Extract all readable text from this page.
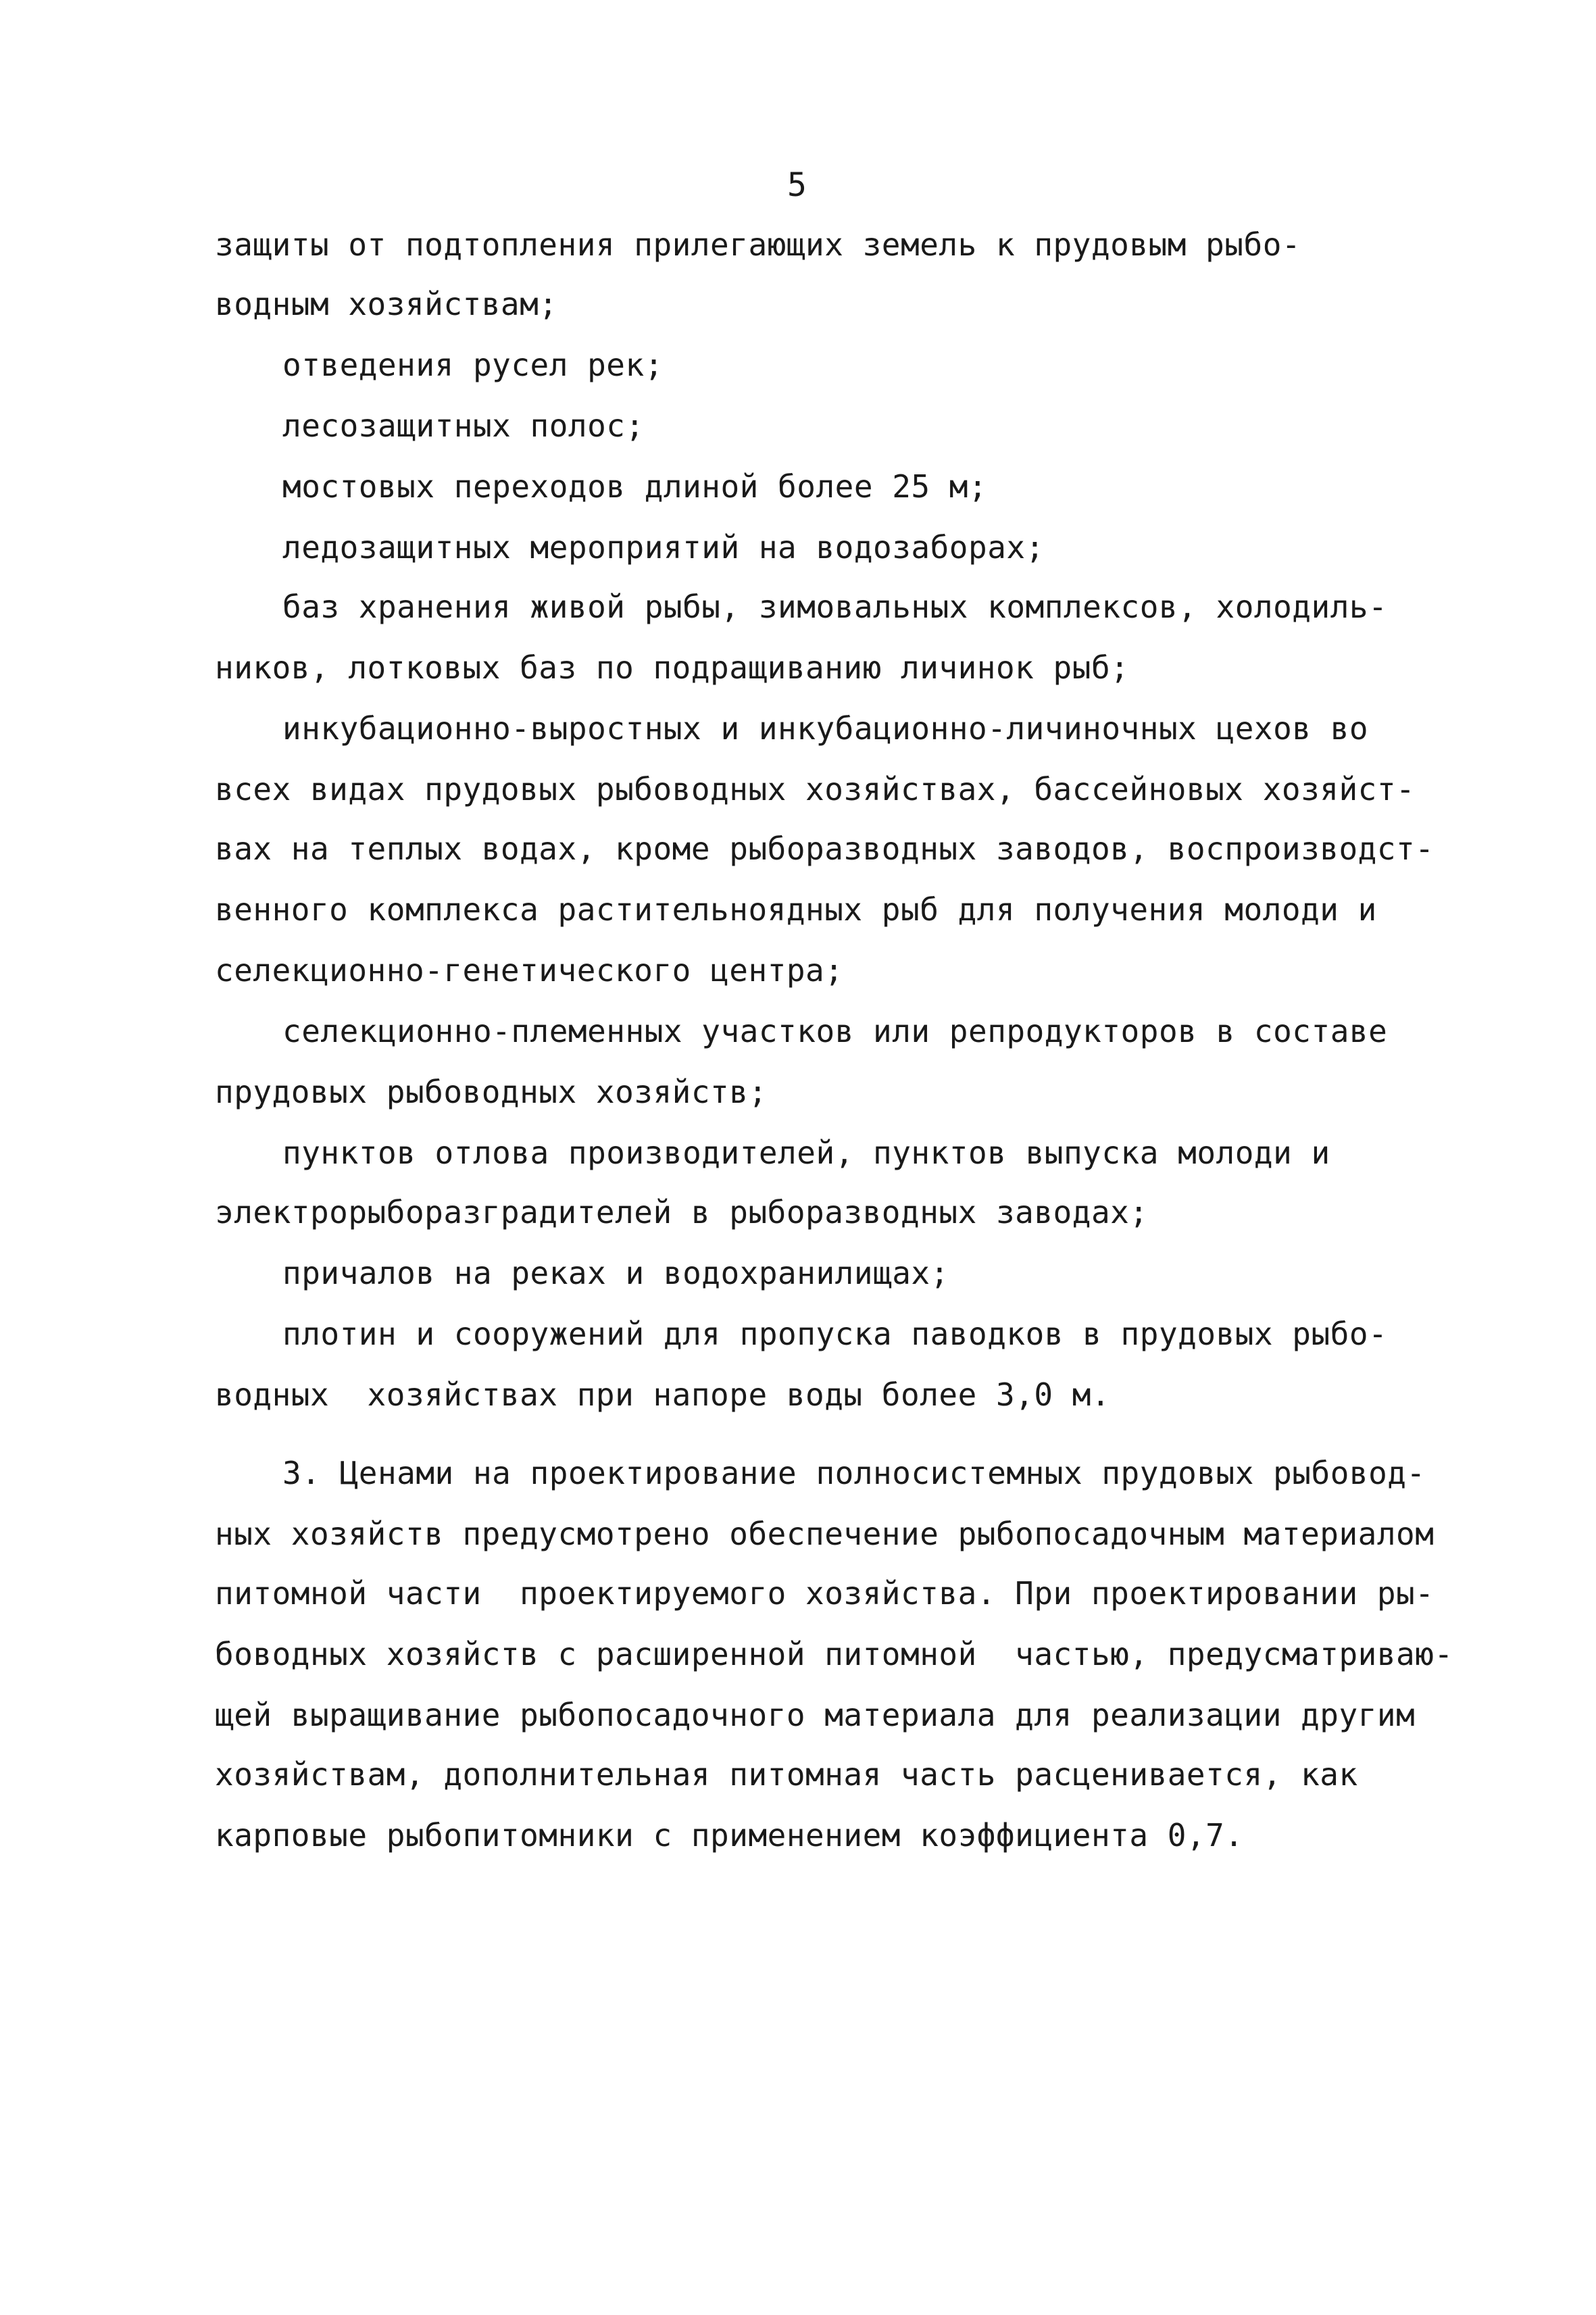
5
защиты от подтопления прилегающих земель к прудовым рыбо-
водным хозяйствам;
отведения русел рек;
лесозащитных полос;
мостовых переходов длиной более 25 м;
ледозащитных мероприятий на водозаборах;
баз хранения живой рыбы, зимовальных комплексов, холодиль-
ников, лотковых баз по подращиванию личинок рыб;
инкубационно-выростных и инкубационно-личиночных цехов во
всех видах прудовых рыбоводных хозяйствах, бассейновых хозяйст-
вах на теплых водах, кроме рыборазводных заводов, воспроизводст-
венного комплекса растительноядных рыб для получения молоди и
селекционно-генетического центра;
селекционно-племенных участков или репродукторов в составе
прудовых рыбоводных хозяйств;
пунктов отлова производителей, пунктов выпуска молоди и
электрорыборазградителей в рыборазводных заводах;
причалов на реках и водохранилищах;
плотин и сооружений для пропуска паводков в прудовых рыбо-
водных  хозяйствах при напоре воды более 3,0 м.
3. Ценами на проектирование полносистемных прудовых рыбовод-
ных хозяйств предусмотрено обеспечение рыбопосадочным материалом
питомной части  проектируемого хозяйства. При проектировании ры-
боводных хозяйств с расширенной питомной  частью, предусматриваю-
щей выращивание рыбопосадочного материала для реализации другим
хозяйствам, дополнительная питомная часть расценивается, как
карповые рыбопитомники с применением коэффициента 0,7.
